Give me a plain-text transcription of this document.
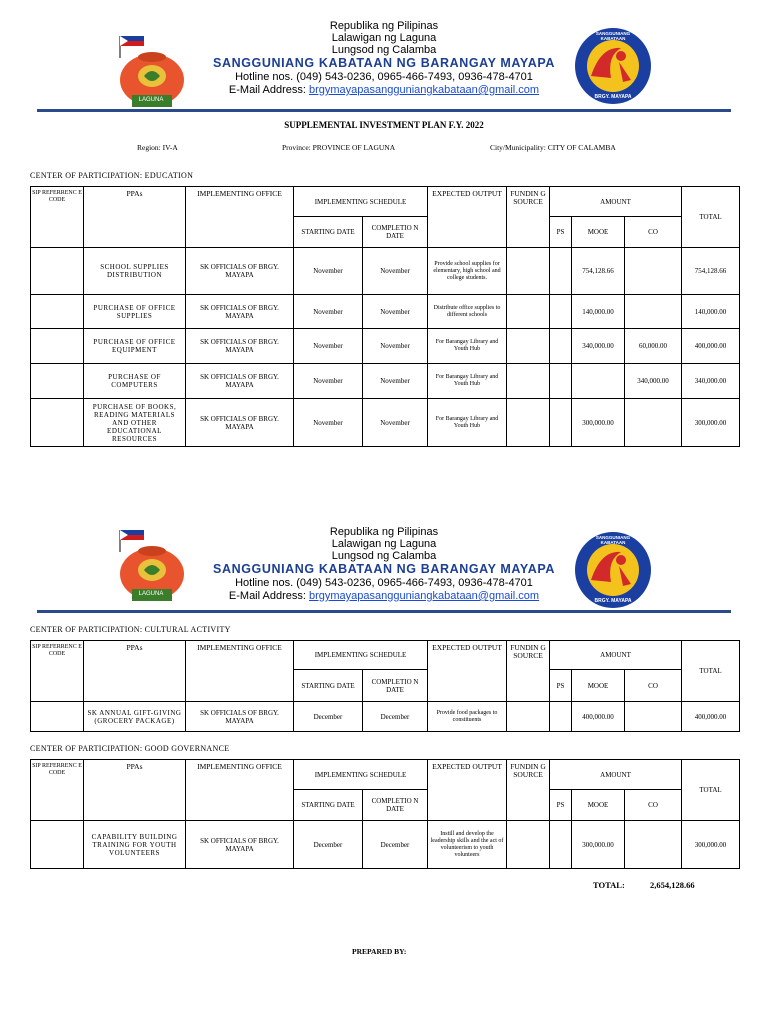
LAGUNA
Republika ng Pilipinas
Lalawigan ng Laguna
Lungsod ng Calamba
SANGGUNIANG KABATAAN NG BARANGAY MAYAPA
Hotline nos. (049) 543-0236, 0965-466-7493, 0936-478-4701
E-Mail Address: brgymayapasangguniangkabataan@gmail.com
SANGGUNIANG KABATAAN
BRGY. MAYAPA
SUPPLEMENTAL INVESTMENT PLAN F.Y. 2022
Region: IV-A	Province: PROVINCE OF LAGUNA	City/Municipality: CITY OF CALAMBA
CENTER OF PARTICIPATION: EDUCATION
SIP REFERRENC E CODE	PPAs	IMPLEMENTING OFFICE	IMPLEMENTING SCHEDULE		EXPECTED OUTPUT	FUNDIN G SOURCE	AMOUNT			TOTAL
			STARTING DATE	COMPLETIO N DATE			PS	MOOE	CO	
	SCHOOL SUPPLIES DISTRIBUTION	SK OFFICIALS OF BRGY. MAYAPA	November	November	Provide school supplies for elementary, high school and college students.			754,128.66		754,128.66
	PURCHASE OF OFFICE SUPPLIES	SK OFFICIALS OF BRGY. MAYAPA	November	November	Distribute office supplies to different schools			140,000.00		140,000.00
	PURCHASE OF OFFICE EQUIPMENT	SK OFFICIALS OF BRGY. MAYAPA	November	November	For Barangay Library and Youth Hub			340,000.00	60,000.00	400,000.00
	PURCHASE OF COMPUTERS	SK OFFICIALS OF BRGY. MAYAPA	November	November	For Barangay Library and Youth Hub				340,000.00	340,000.00
	PURCHASE OF BOOKS, READING MATERIALS AND OTHER EDUCATIONAL RESOURCES	SK OFFICIALS OF BRGY. MAYAPA	November	November	For Barangay Library and Youth Hub			300,000.00		300,000.00
LAGUNA
Republika ng Pilipinas
Lalawigan ng Laguna
Lungsod ng Calamba
SANGGUNIANG KABATAAN NG BARANGAY MAYAPA
Hotline nos. (049) 543-0236, 0965-466-7493, 0936-478-4701
E-Mail Address: brgymayapasangguniangkabataan@gmail.com
SANGGUNIANG KABATAAN
BRGY. MAYAPA
CENTER OF PARTICIPATION: CULTURAL ACTIVITY
SIP REFERRENC E CODE	PPAs	IMPLEMENTING OFFICE	IMPLEMENTING SCHEDULE		EXPECTED OUTPUT	FUNDIN G SOURCE	AMOUNT			TOTAL
			STARTING DATE	COMPLETIO N DATE			PS	MOOE	CO	
	SK ANNUAL GIFT-GIVING (GROCERY PACKAGE)	SK OFFICIALS OF BRGY. MAYAPA	December	December	Provide food packages to constituents			400,000.00		400,000.00
CENTER OF PARTICIPATION: GOOD GOVERNANCE
SIP REFERRENC E CODE	PPAs	IMPLEMENTING OFFICE	IMPLEMENTING SCHEDULE		EXPECTED OUTPUT	FUNDIN G SOURCE	AMOUNT			TOTAL
			STARTING DATE	COMPLETIO N DATE			PS	MOOE	CO	
	CAPABILITY BUILDING TRAINING FOR YOUTH VOLUNTEERS	SK OFFICIALS OF BRGY. MAYAPA	December	December	Instill and develop the leadership skills and the act of volunteerism to youth volunteers			300,000.00		300,000.00
TOTAL:	2,654,128.66
PREPARED BY:
